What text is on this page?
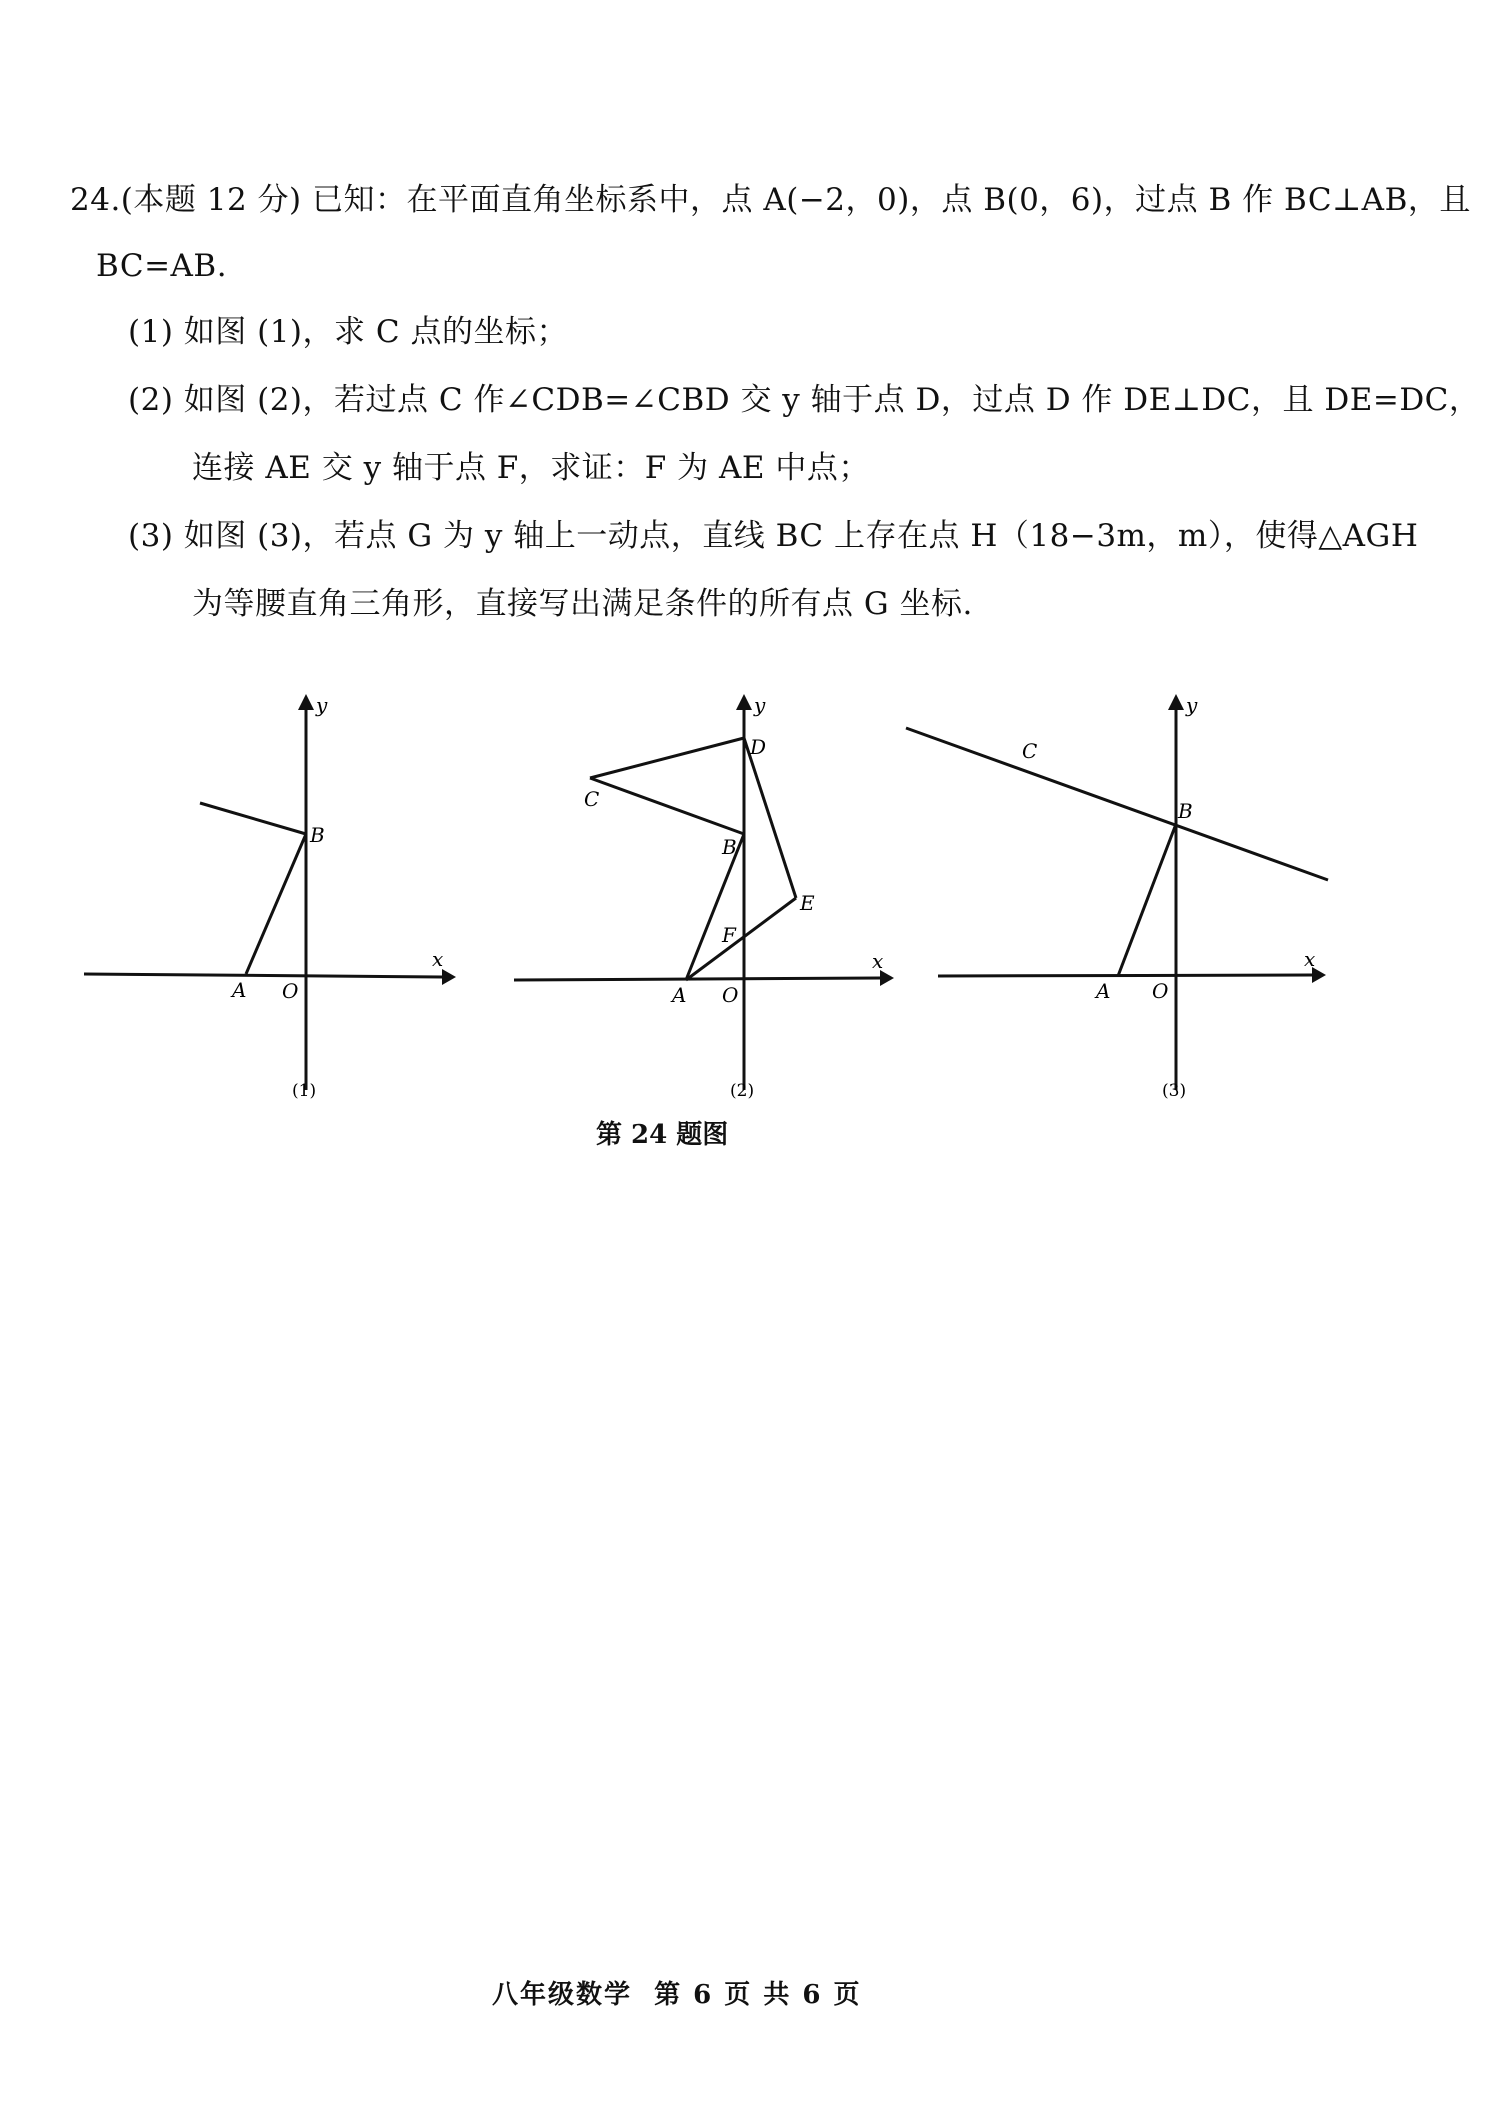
24.(本题 12 分) 已知：在平面直角坐标系中，点 A(−2，0)，点 B(0，6)，过点 B 作 BC⊥AB，且
BC=AB.
(1) 如图 (1)，求 C 点的坐标；
(2) 如图 (2)，若过点 C 作∠CDB=∠CBD 交 y 轴于点 D，过点 D 作 DE⊥DC，且 DE=DC，
连接 AE 交 y 轴于点 F，求证：F 为 AE 中点；
(3) 如图 (3)，若点 G 为 y 轴上一动点，直线 BC 上存在点 H（18−3m，m），使得△AGH
为等腰直角三角形，直接写出满足条件的所有点 G 坐标.
y
x
B
A O
(1)
y
x
D
C
B
E
F
A O
(2)
y
x
C
B
A O
(3)
第 24 题图
八年级数学  第 6 页 共 6 页
